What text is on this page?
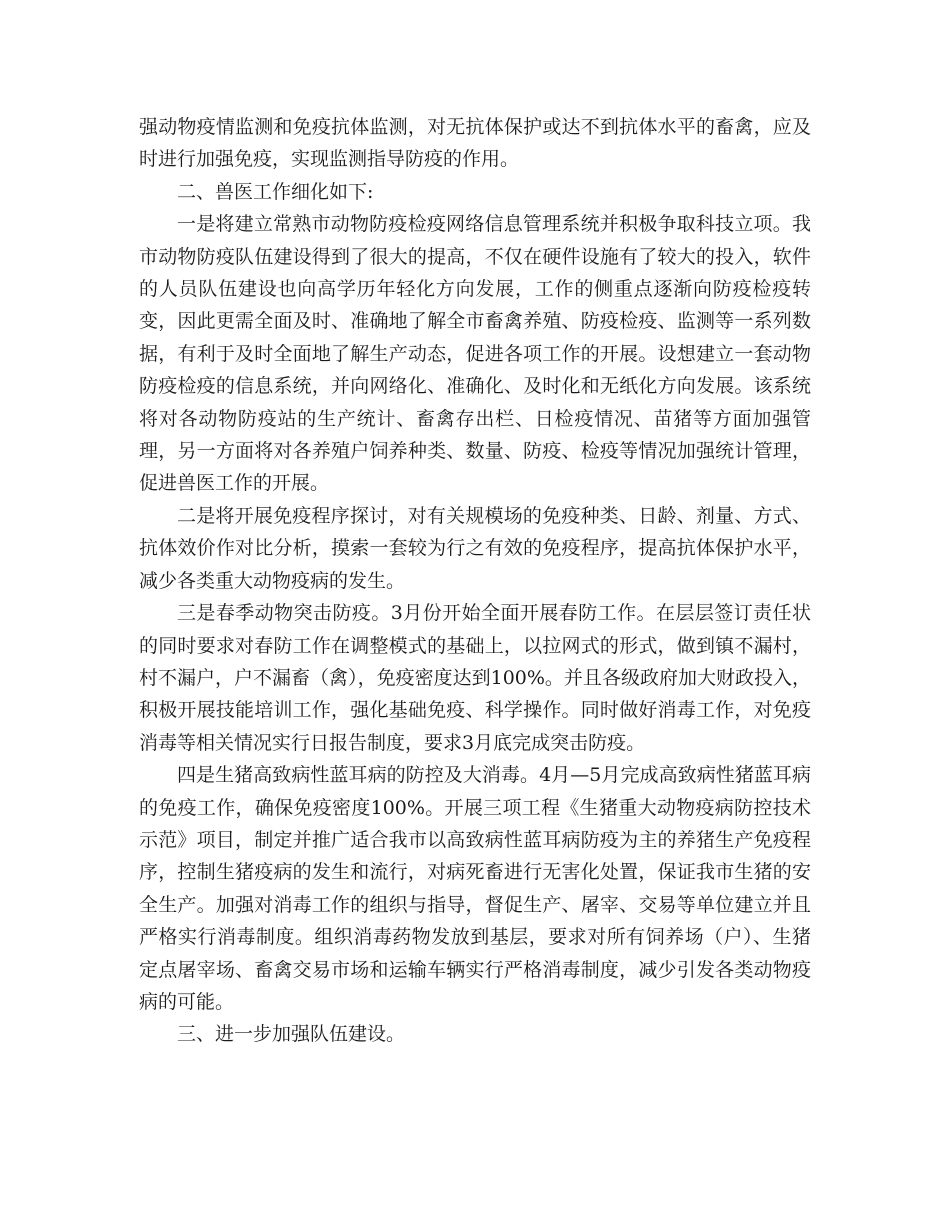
强动物疫情监测和免疫抗体监测，对无抗体保护或达不到抗体水平的畜禽，应及时进行加强免疫，实现监测指导防疫的作用。

二、兽医工作细化如下:

一是将建立常熟市动物防疫检疫网络信息管理系统并积极争取科技立项。我市动物防疫队伍建设得到了很大的提高，不仅在硬件设施有了较大的投入，软件的人员队伍建设也向高学历年轻化方向发展，工作的侧重点逐渐向防疫检疫转变，因此更需全面及时、准确地了解全市畜禽养殖、防疫检疫、监测等一系列数据，有利于及时全面地了解生产动态，促进各项工作的开展。设想建立一套动物防疫检疫的信息系统，并向网络化、准确化、及时化和无纸化方向发展。该系统将对各动物防疫站的生产统计、畜禽存出栏、日检疫情况、苗猪等方面加强管理，另一方面将对各养殖户饲养种类、数量、防疫、检疫等情况加强统计管理，促进兽医工作的开展。

二是将开展免疫程序探讨，对有关规模场的免疫种类、日龄、剂量、方式、抗体效价作对比分析，摸索一套较为行之有效的免疫程序，提高抗体保护水平，减少各类重大动物疫病的发生。

三是春季动物突击防疫。3月份开始全面开展春防工作。在层层签订责任状的同时要求对春防工作在调整模式的基础上，以拉网式的形式，做到镇不漏村，村不漏户，户不漏畜（禽），免疫密度达到100%。并且各级政府加大财政投入，积极开展技能培训工作，强化基础免疫、科学操作。同时做好消毒工作，对免疫消毒等相关情况实行日报告制度，要求3月底完成突击防疫。

四是生猪高致病性蓝耳病的防控及大消毒。4月—5月完成高致病性猪蓝耳病的免疫工作，确保免疫密度100%。开展三项工程《生猪重大动物疫病防控技术示范》项目，制定并推广适合我市以高致病性蓝耳病防疫为主的养猪生产免疫程序，控制生猪疫病的发生和流行，对病死畜进行无害化处置，保证我市生猪的安全生产。加强对消毒工作的组织与指导，督促生产、屠宰、交易等单位建立并且严格实行消毒制度。组织消毒药物发放到基层，要求对所有饲养场（户）、生猪定点屠宰场、畜禽交易市场和运输车辆实行严格消毒制度，减少引发各类动物疫病的可能。

三、进一步加强队伍建设。
